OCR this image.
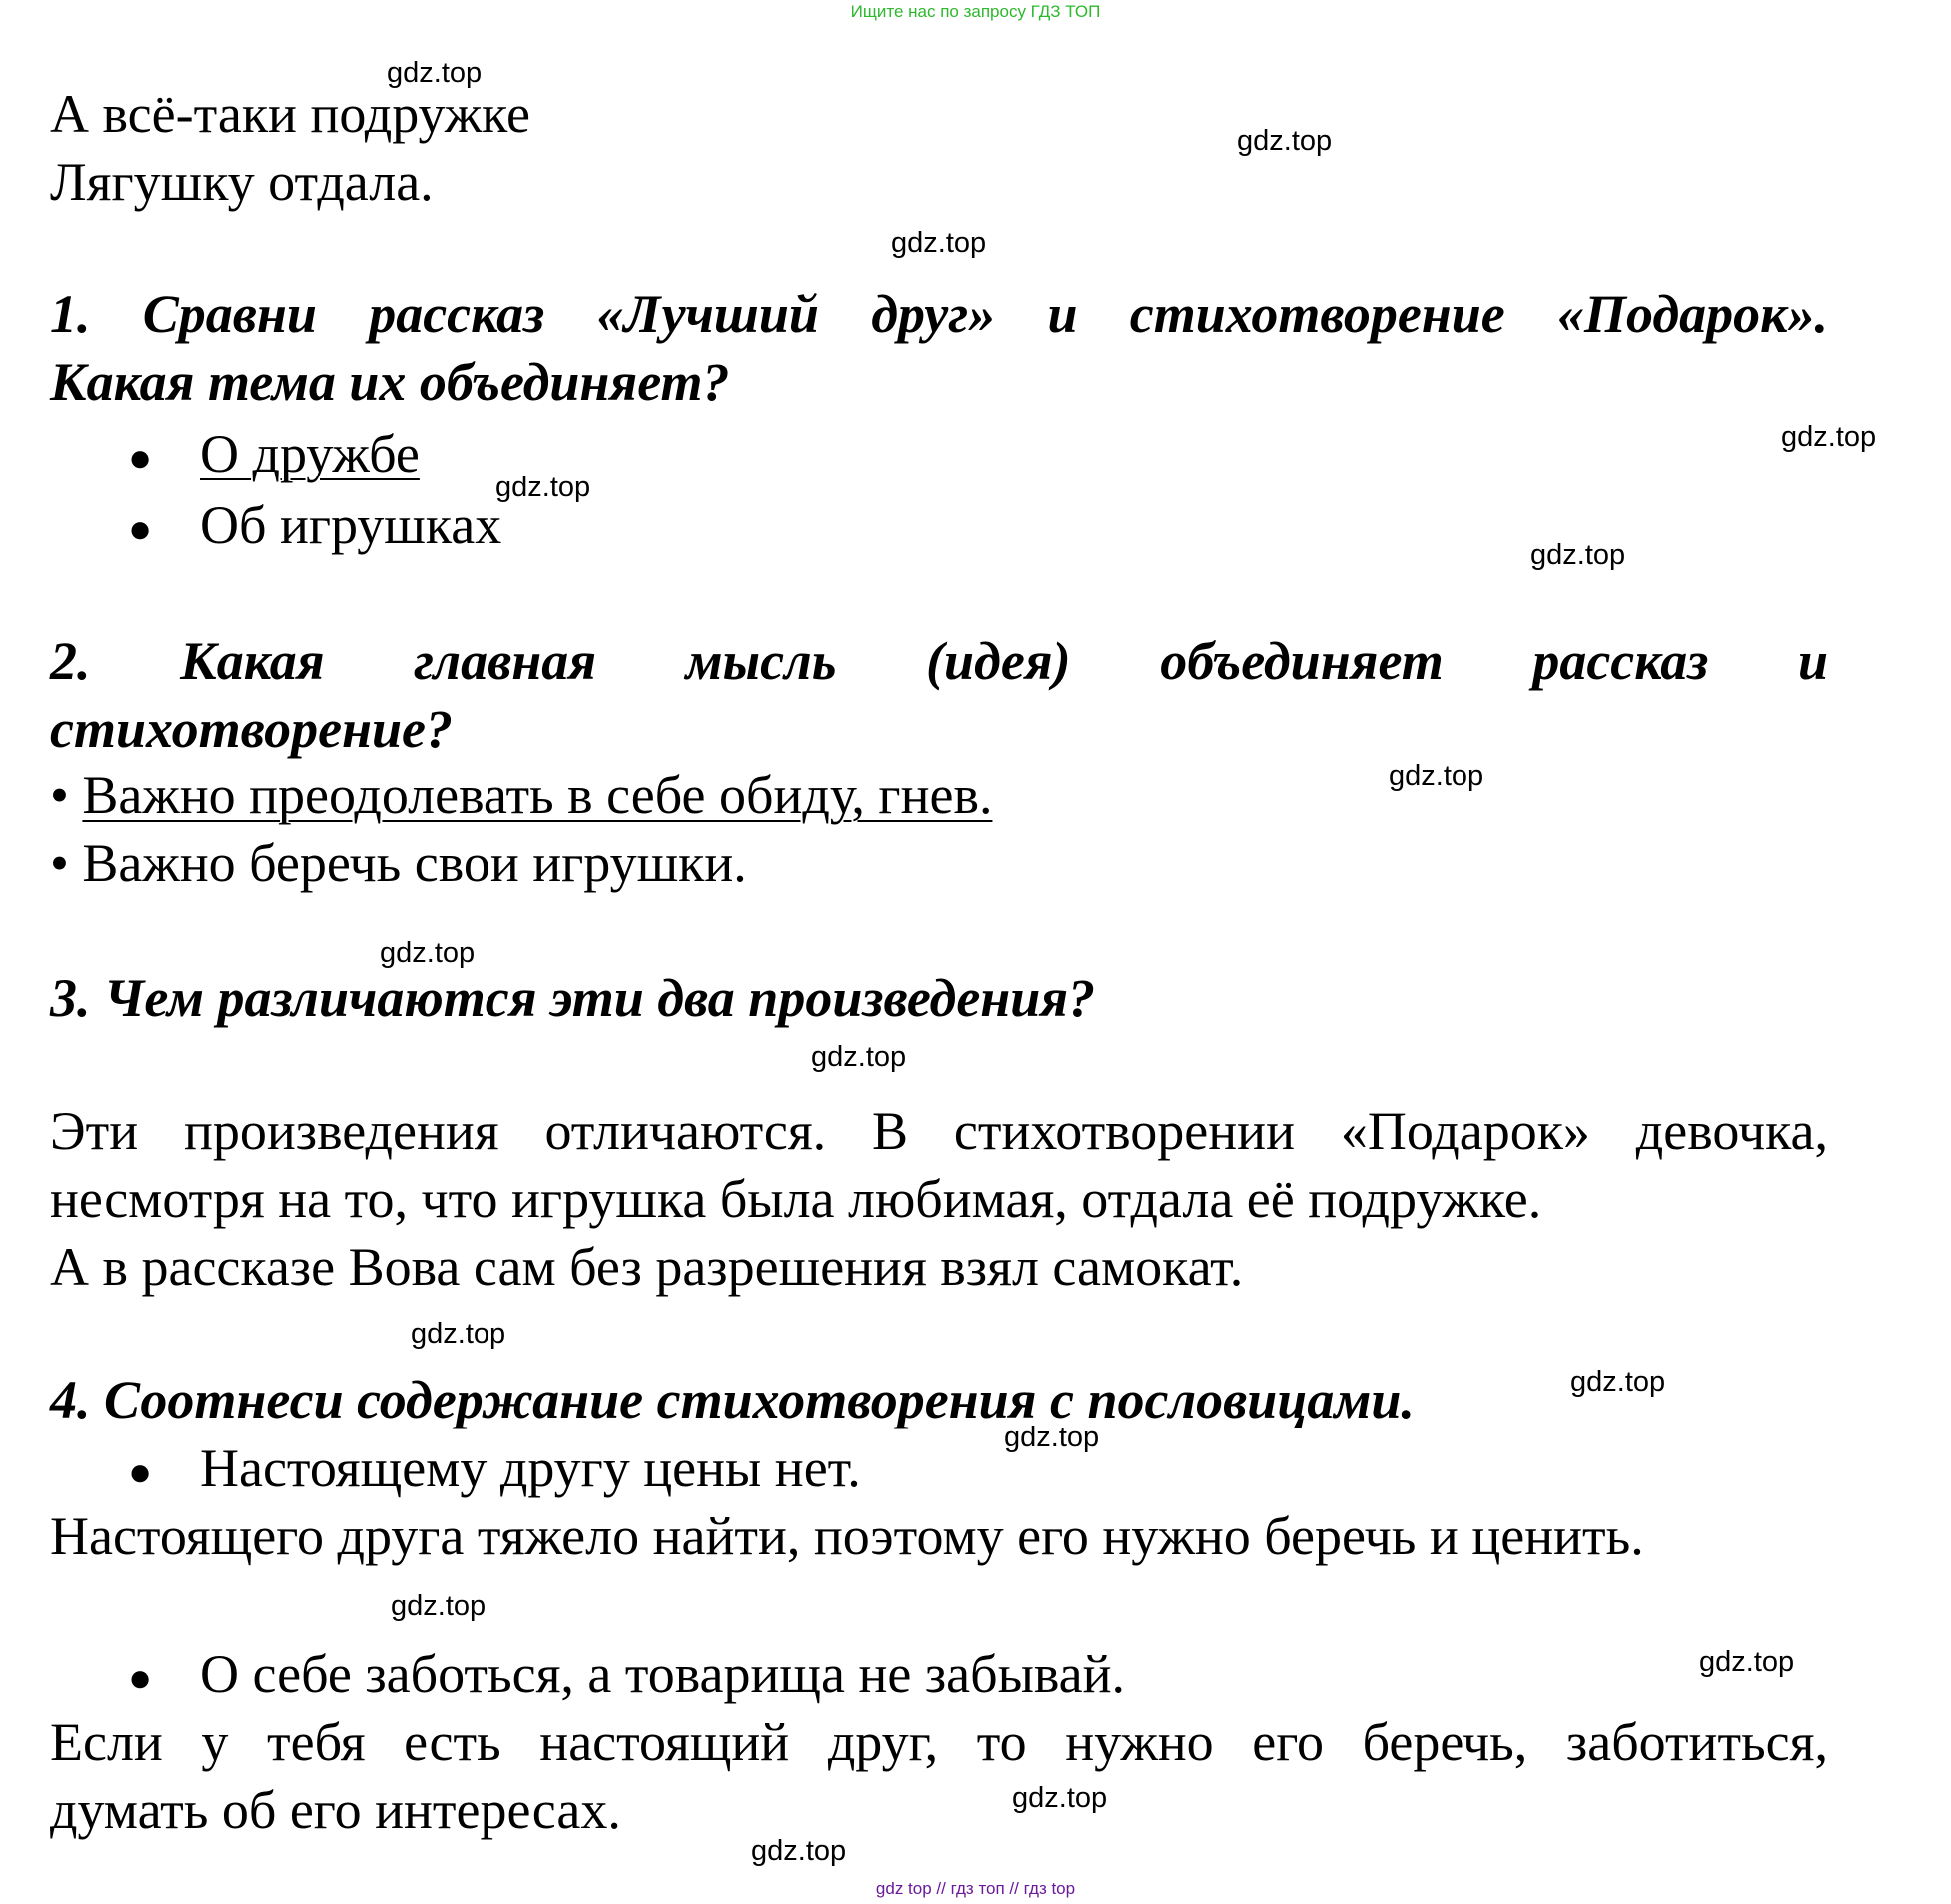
Ищите нас по запросу ГДЗ ТОП
А всё-таки подружке
Лягушку отдала.
1. Сравни рассказ «Лучший друг» и стихотворение «Подарок».
Какая тема их объединяет?
● О дружбе
● Об игрушках
2. Какая главная мысль (идея) объединяет рассказ и
стихотворение?
• Важно преодолевать в себе обиду, гнев.
• Важно беречь свои игрушки.
3. Чем различаются эти два произведения?
Эти произведения отличаются. В стихотворении «Подарок» девочка,
несмотря на то, что игрушка была любимая, отдала её подружке.
А в рассказе Вова сам без разрешения взял самокат.
4. Соотнеси содержание стихотворения с пословицами.
● Настоящему другу цены нет.
Настоящего друга тяжело найти, поэтому его нужно беречь и ценить.
● О себе заботься, а товарища не забывай.
Если у тебя есть настоящий друг, то нужно его беречь, заботиться,
думать об его интересах.
gdz.top
gdz.top
gdz.top
gdz.top
gdz.top
gdz.top
gdz.top
gdz.top
gdz.top
gdz.top
gdz.top
gdz.top
gdz.top
gdz.top
gdz.top
gdz.top
gdz top // гдз топ // гдз top
